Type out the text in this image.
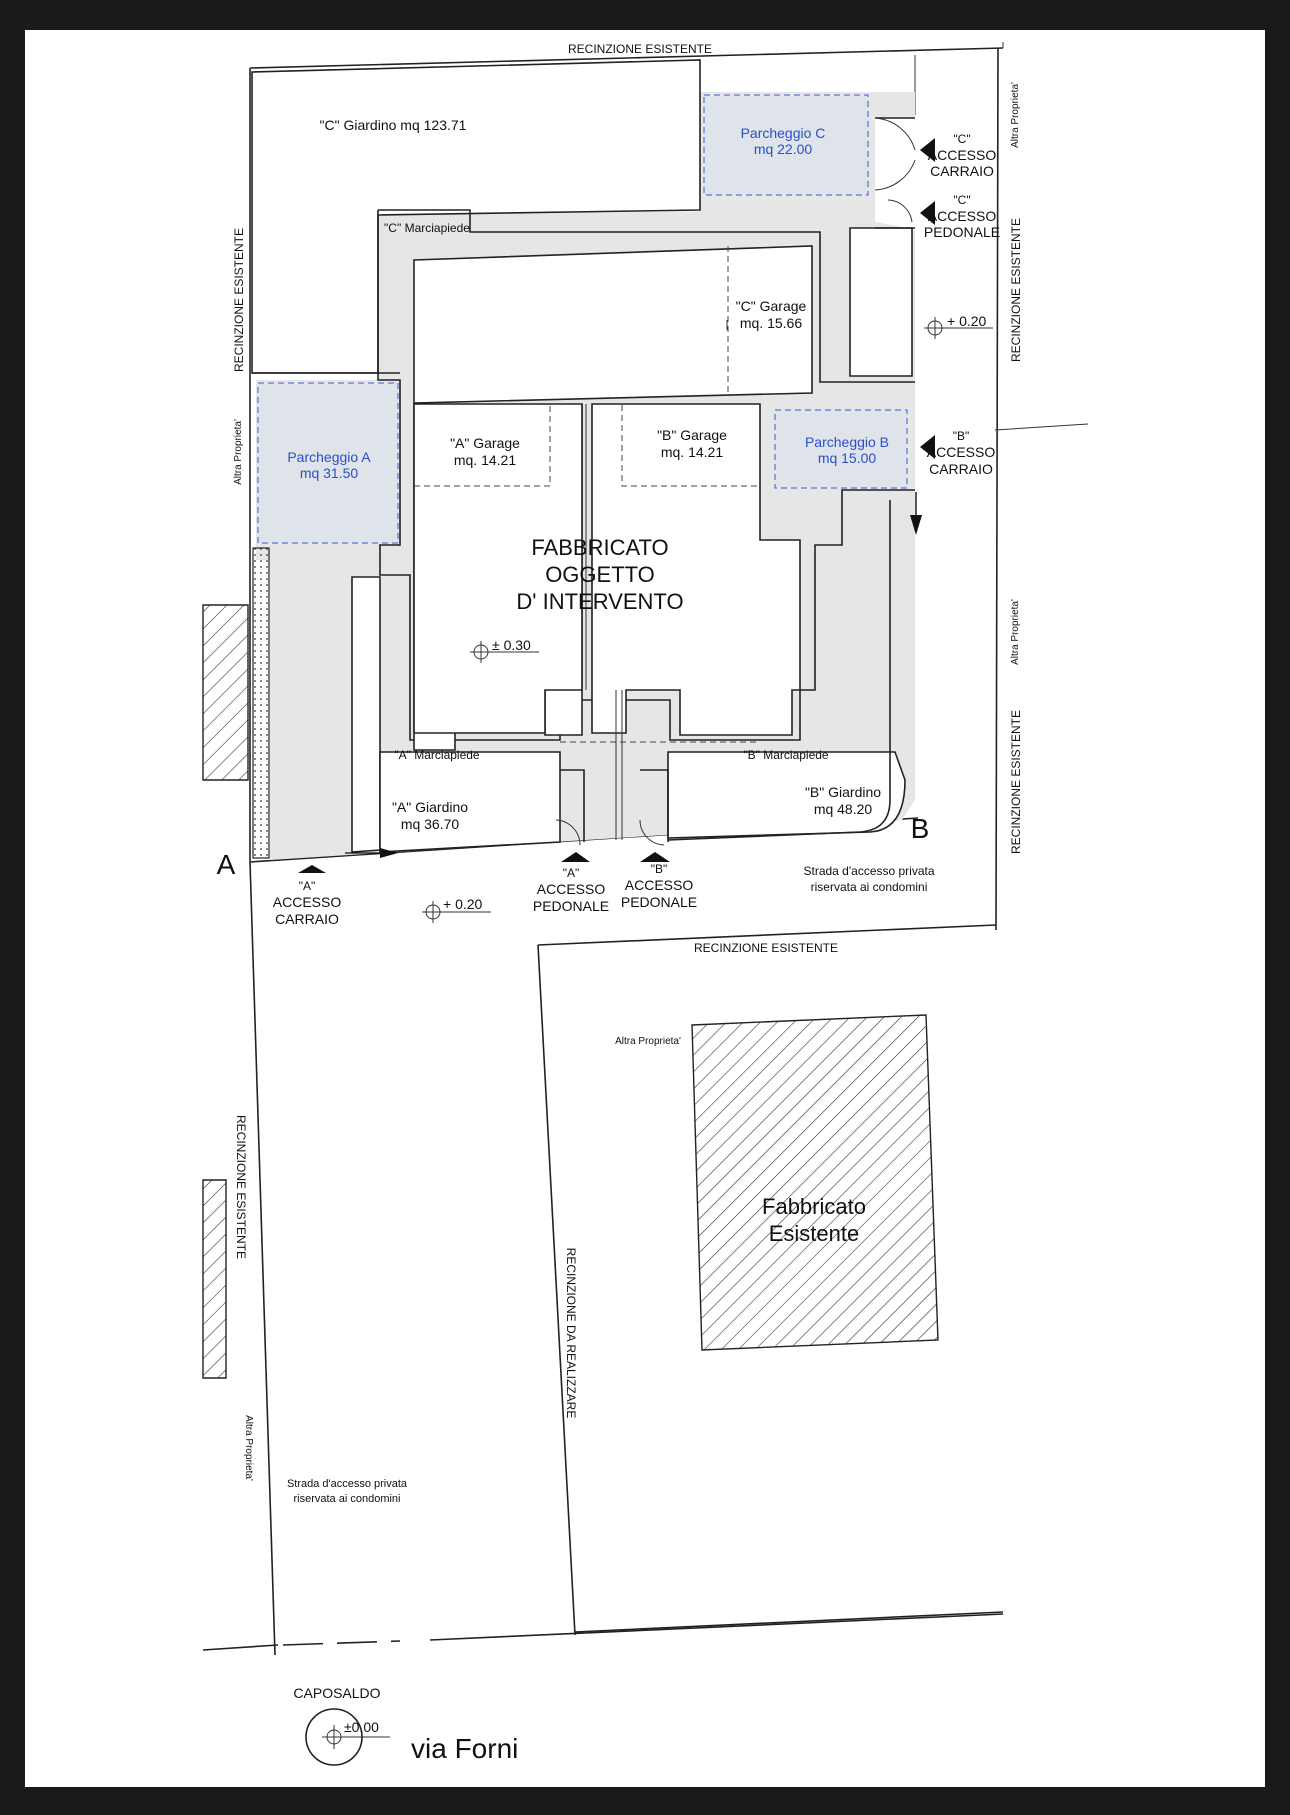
RECINZIONE ESISTENTE
RECINZIONE ESISTENTE	RECINZIONE ESISTENTE
RECINZIONE ESISTENTE
RECINZIONE ESISTENTE
RECINZIONE ESISTENTE
RECINZIONE DA REALIZZARE
Altra Proprieta'
Altra Proprieta'
Altra Proprieta'
Altra Proprieta'
Altra Proprieta'
"C" Giardino mq 123.71	Parcheggio C
mq 22.00
"C"
ACCESSO
CARRAIO
"C"
ACCESSO
PEDONALE
"C" Marciapiede
"C" Garage
mq. 15.66	+ 0.20
Parcheggio A
mq 31.50
"A" Garage
mq. 14.21
"B" Garage
mq. 14.21
Parcheggio B
mq 15.00
"B"
ACCESSO
CARRAIO
FABBRICATO
OGGETTO
D' INTERVENTO
± 0.30
"A" Marciapiede	"B" Marciapiede
"A" Giardino
mq 36.70
"B" Giardino
mq 48.20
A
B
"A"
ACCESSO
CARRAIO
"A"
ACCESSO
PEDONALE
"B"
ACCESSO
PEDONALE
+ 0.20
Strada d'accesso privata
riservata ai condomini
Strada d'accesso privata
riservata ai condomini
Fabbricato
Esistente
CAPOSALDO
±0.00
via Forni
